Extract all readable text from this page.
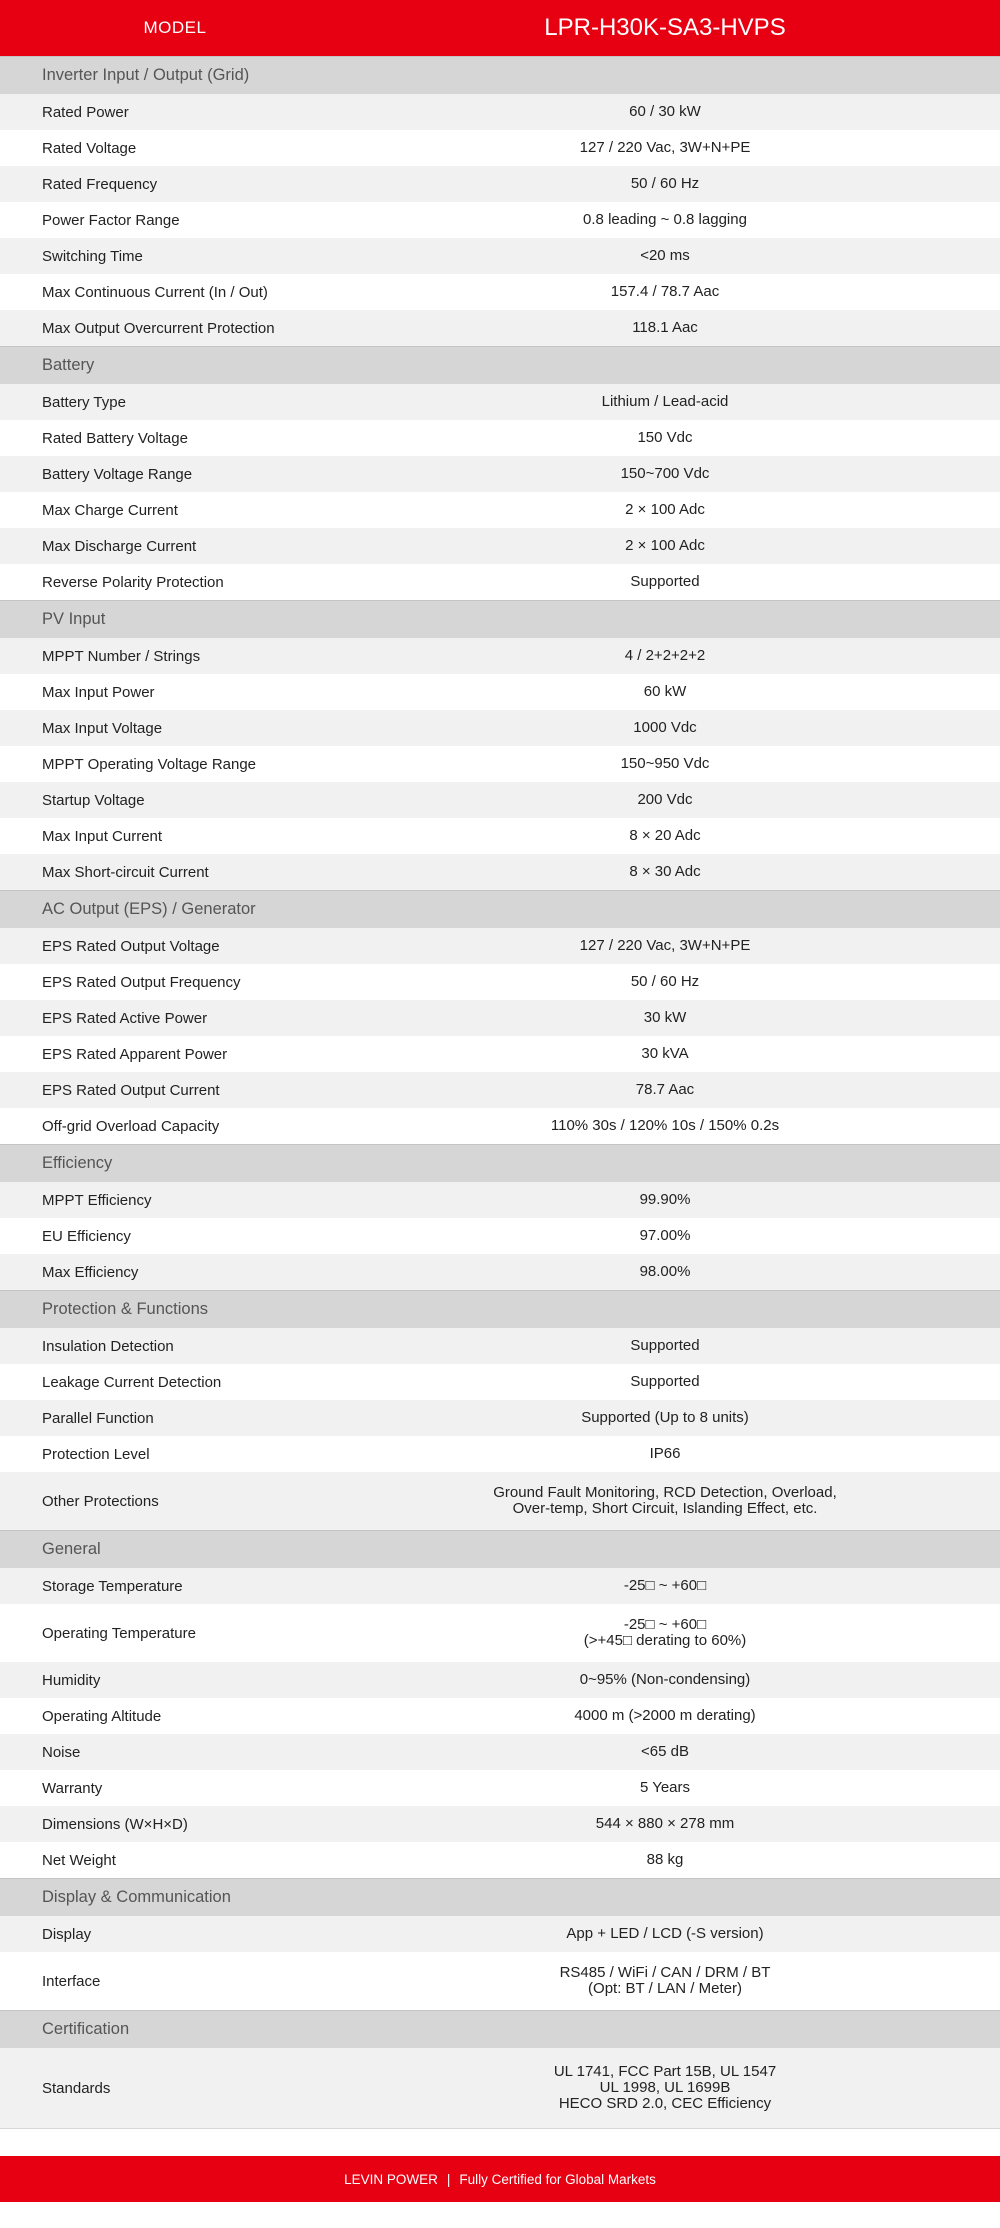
MODEL	LPR-H30K-SA3-HVPS
Inverter Input / Output (Grid)
Rated Power	60 / 30 kW
Rated Voltage	127 / 220 Vac, 3W+N+PE
Rated Frequency	50 / 60 Hz
Power Factor Range	0.8 leading ~ 0.8 lagging
Switching Time	<20 ms
Max Continuous Current (In / Out)	157.4 / 78.7 Aac
Max Output Overcurrent Protection	118.1 Aac
Battery
Battery Type	Lithium / Lead-acid
Rated Battery Voltage	150 Vdc
Battery Voltage Range	150~700 Vdc
Max Charge Current	2 × 100 Adc
Max Discharge Current	2 × 100 Adc
Reverse Polarity Protection	Supported
PV Input
MPPT Number / Strings	4 / 2+2+2+2
Max Input Power	60 kW
Max Input Voltage	1000 Vdc
MPPT Operating Voltage Range	150~950 Vdc
Startup Voltage	200 Vdc
Max Input Current	8 × 20 Adc
Max Short-circuit Current	8 × 30 Adc
AC Output (EPS) / Generator
EPS Rated Output Voltage	127 / 220 Vac, 3W+N+PE
EPS Rated Output Frequency	50 / 60 Hz
EPS Rated Active Power	30 kW
EPS Rated Apparent Power	30 kVA
EPS Rated Output Current	78.7 Aac
Off-grid Overload Capacity	110% 30s / 120% 10s / 150% 0.2s
Efficiency
MPPT Efficiency	99.90%
EU Efficiency	97.00%
Max Efficiency	98.00%
Protection & Functions
Insulation Detection	Supported
Leakage Current Detection	Supported
Parallel Function	Supported (Up to 8 units)
Protection Level	IP66
Other Protections	Ground Fault Monitoring, RCD Detection, Overload,
Over-temp, Short Circuit, Islanding Effect, etc.
General
Storage Temperature	-25□ ~ +60□
Operating Temperature	-25□ ~ +60□
(>+45□ derating to 60%)
Humidity	0~95% (Non-condensing)
Operating Altitude	4000 m (>2000 m derating)
Noise	<65 dB
Warranty	5 Years
Dimensions (W×H×D)	544 × 880 × 278 mm
Net Weight	88 kg
Display & Communication
Display	App + LED / LCD (-S version)
Interface	RS485 / WiFi / CAN / DRM / BT
(Opt: BT / LAN / Meter)
Certification
Standards
UL 1741, FCC Part 15B, UL 1547
UL 1998, UL 1699B
HECO SRD 2.0, CEC Efficiency
LEVIN POWER | Fully Certified for Global Markets
